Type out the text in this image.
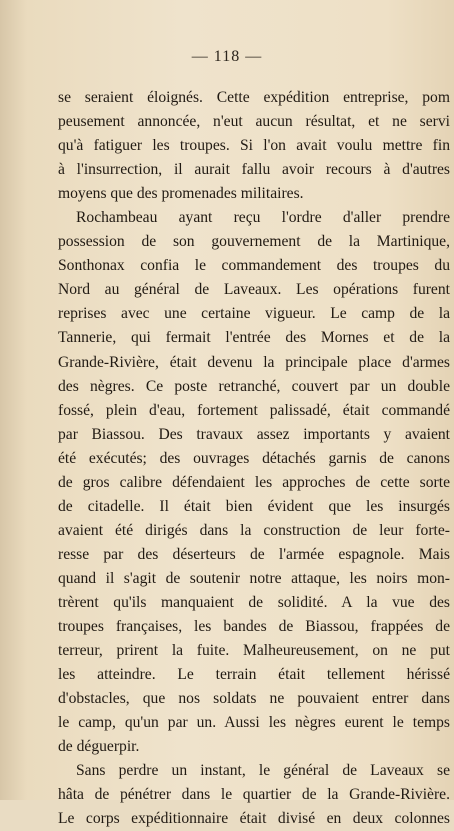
— 118 —
se seraient éloignés. Cette expédition entreprise, pom
peusement annoncée, n'eut aucun résultat, et ne servi
qu'à fatiguer les troupes. Si l'on avait voulu mettre fin
à l'insurrection, il aurait fallu avoir recours à d'autres
moyens que des promenades militaires.
Rochambeau ayant reçu l'ordre d'aller prendre
possession de son gouvernement de la Martinique,
Sonthonax confia le commandement des troupes du
Nord au général de Laveaux. Les opérations furent
reprises avec une certaine vigueur. Le camp de la
Tannerie, qui fermait l'entrée des Mornes et de la
Grande-Rivière, était devenu la principale place d'armes
des nègres. Ce poste retranché, couvert par un double
fossé, plein d'eau, fortement palissadé, était commandé
par Biassou. Des travaux assez importants y avaient
été exécutés; des ouvrages détachés garnis de canons
de gros calibre défendaient les approches de cette sorte
de citadelle. Il était bien évident que les insurgés
avaient été dirigés dans la construction de leur forte-
resse par des déserteurs de l'armée espagnole. Mais
quand il s'agit de soutenir notre attaque, les noirs mon-
trèrent qu'ils manquaient de solidité. A la vue des
troupes françaises, les bandes de Biassou, frappées de
terreur, prirent la fuite. Malheureusement, on ne put
les atteindre. Le terrain était tellement hérissé
d'obstacles, que nos soldats ne pouvaient entrer dans
le camp, qu'un par un. Aussi les nègres eurent le temps
de déguerpir.
Sans perdre un instant, le général de Laveaux se
hâta de pénétrer dans le quartier de la Grande-Rivière.
Le corps expéditionnaire était divisé en deux colonnes
